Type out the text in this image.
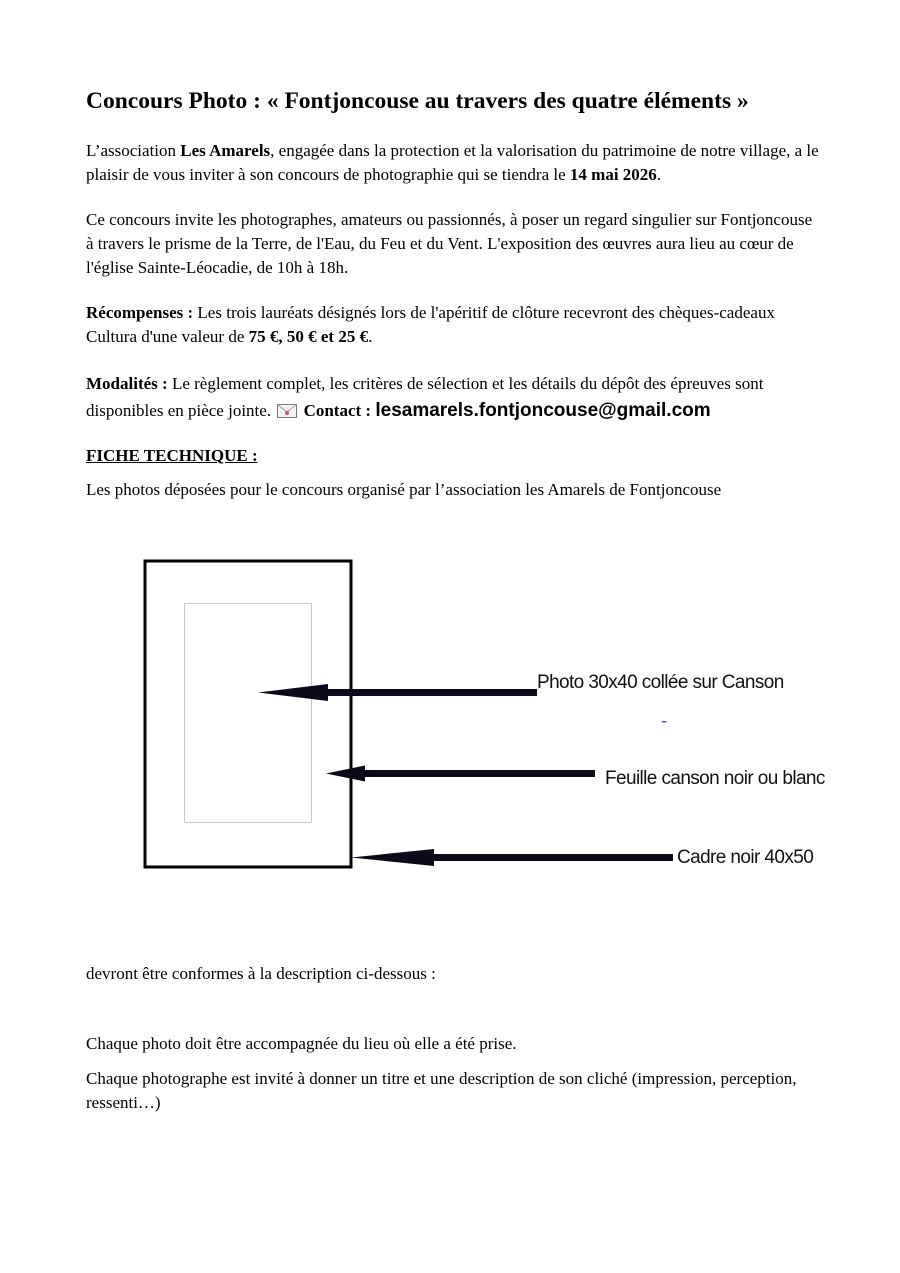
Concours Photo : « Fontjoncouse au travers des quatre éléments »

L’association Les Amarels, engagée dans la protection et la valorisation du patrimoine de notre village, a le plaisir de vous inviter à son concours de photographie qui se tiendra le 14 mai 2026.

Ce concours invite les photographes, amateurs ou passionnés, à poser un regard singulier sur Fontjoncouse à travers le prisme de la Terre, de l'Eau, du Feu et du Vent. L'exposition des œuvres aura lieu au cœur de l'église Sainte-Léocadie, de 10h à 18h.

Récompenses : Les trois lauréats désignés lors de l'apéritif de clôture recevront des chèques-cadeaux Cultura d'une valeur de 75 €, 50 € et 25 €.

Modalités : Le règlement complet, les critères de sélection et les détails du dépôt des épreuves sont disponibles en pièce jointe.  Contact : lesamarels.fontjoncouse@gmail.com

FICHE TECHNIQUE :

Les photos déposées pour le concours organisé par l’association les Amarels de Fontjoncouse

Photo 30x40 collée sur Canson
-
Feuille canson noir ou blanc
Cadre noir 40x50

devront être conformes à la description ci-dessous :

Chaque photo doit être accompagnée du lieu où elle a été prise.

Chaque photographe est invité à donner un titre et une description de son cliché (impression, perception, ressenti…)
